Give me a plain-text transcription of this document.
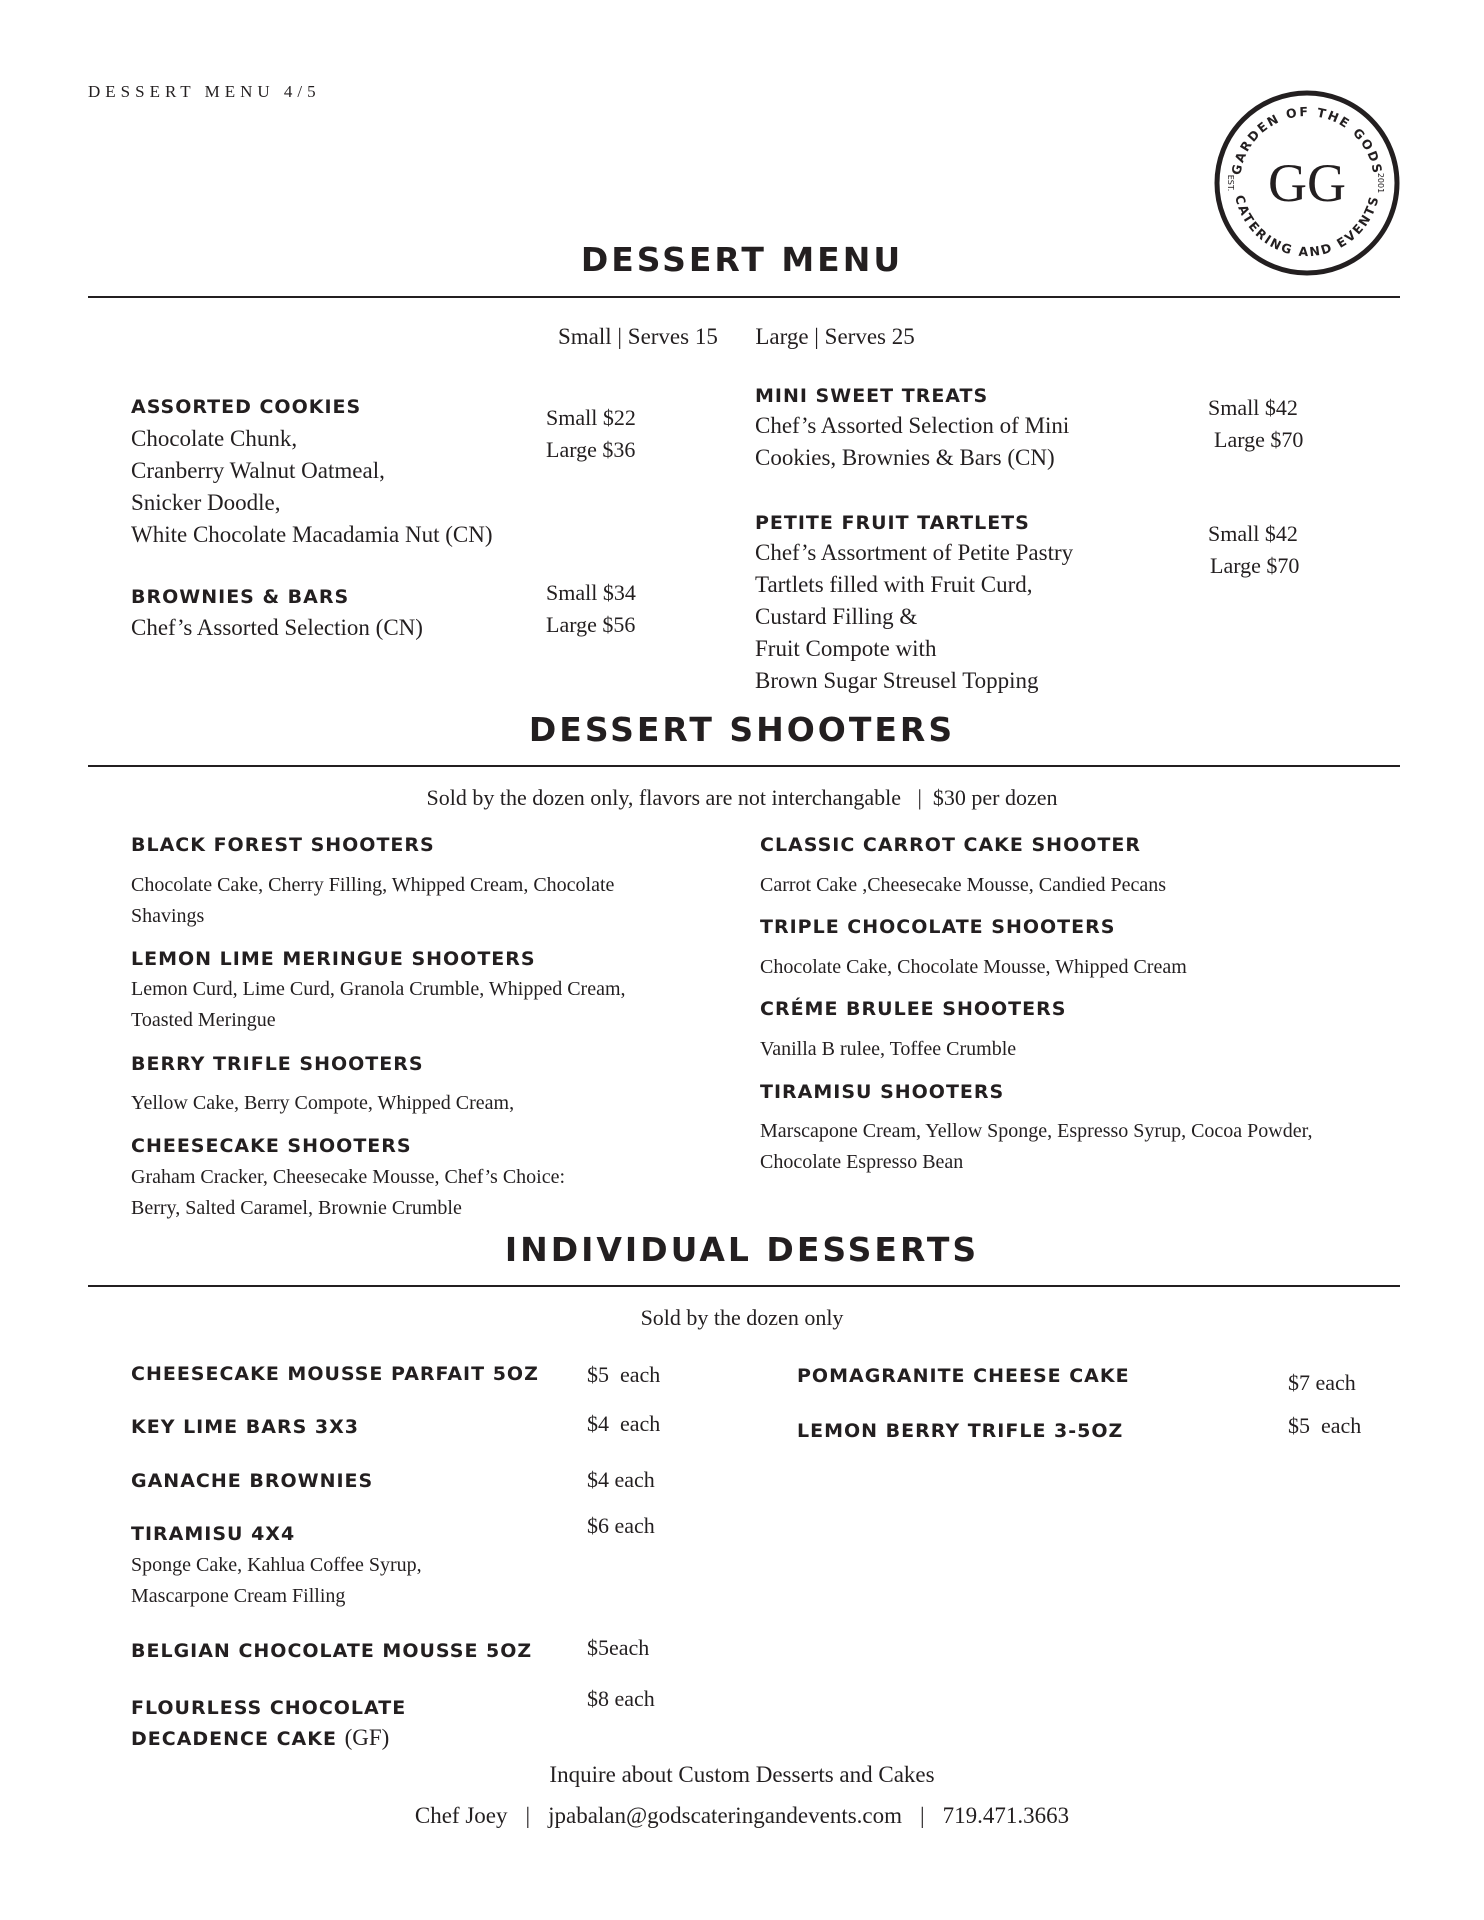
DESSERT MENU 4/5
GARDEN OF THE GODS
CATERING AND EVENTS
EST.	2001
GG
DESSERT MENU
Small | Serves 15 Large | Serves 25
ASSORTED COOKIES
Chocolate Chunk,
Cranberry Walnut Oatmeal,
Snicker Doodle,
White Chocolate Macadamia Nut (CN)
Small $22
Large $36
BROWNIES & BARS
Chef’s Assorted Selection (CN)
Small $34
Large $56
MINI SWEET TREATS
Chef’s Assorted Selection of Mini
Cookies, Brownies & Bars (CN)
Small $42
Large $70
PETITE FRUIT TARTLETS
Chef’s Assortment of Petite Pastry
Tartlets filled with Fruit Curd,
Custard Filling &
Fruit Compote with
Brown Sugar Streusel Topping
Small $42
Large $70
DESSERT SHOOTERS
Sold by the dozen only, flavors are not interchangable   |  $30 per dozen
BLACK FOREST SHOOTERS
Chocolate Cake, Cherry Filling, Whipped Cream, Chocolate
Shavings
LEMON LIME MERINGUE SHOOTERS
Lemon Curd, Lime Curd, Granola Crumble, Whipped Cream,
Toasted Meringue
BERRY TRIFLE SHOOTERS
Yellow Cake, Berry Compote, Whipped Cream,
CHEESECAKE SHOOTERS
Graham Cracker, Cheesecake Mousse, Chef’s Choice:
Berry, Salted Caramel, Brownie Crumble
CLASSIC CARROT CAKE SHOOTER
Carrot Cake ,Cheesecake Mousse, Candied Pecans
TRIPLE CHOCOLATE SHOOTERS
Chocolate Cake, Chocolate Mousse, Whipped Cream
CRÉME BRULEE SHOOTERS
Vanilla B rulee, Toffee Crumble
TIRAMISU SHOOTERS
Marscapone Cream, Yellow Sponge, Espresso Syrup, Cocoa Powder,
Chocolate Espresso Bean
INDIVIDUAL DESSERTS
Sold by the dozen only
CHEESECAKE MOUSSE PARFAIT 5OZ $5  each
KEY LIME BARS 3X3	$4  each
GANACHE BROWNIES	$4 each
TIRAMISU 4X4	$6 each
Sponge Cake, Kahlua Coffee Syrup,
Mascarpone Cream Filling
BELGIAN CHOCOLATE MOUSSE 5OZ $5each
FLOURLESS CHOCOLATE
DECADENCE CAKE (GF)
$8 each
POMAGRANITE CHEESE CAKE	$7 each
LEMON BERRY TRIFLE 3-5OZ	$5  each
Inquire about Custom Desserts and Cakes
Chef Joey | jpabalan@godscateringandevents.com | 719.471.3663
